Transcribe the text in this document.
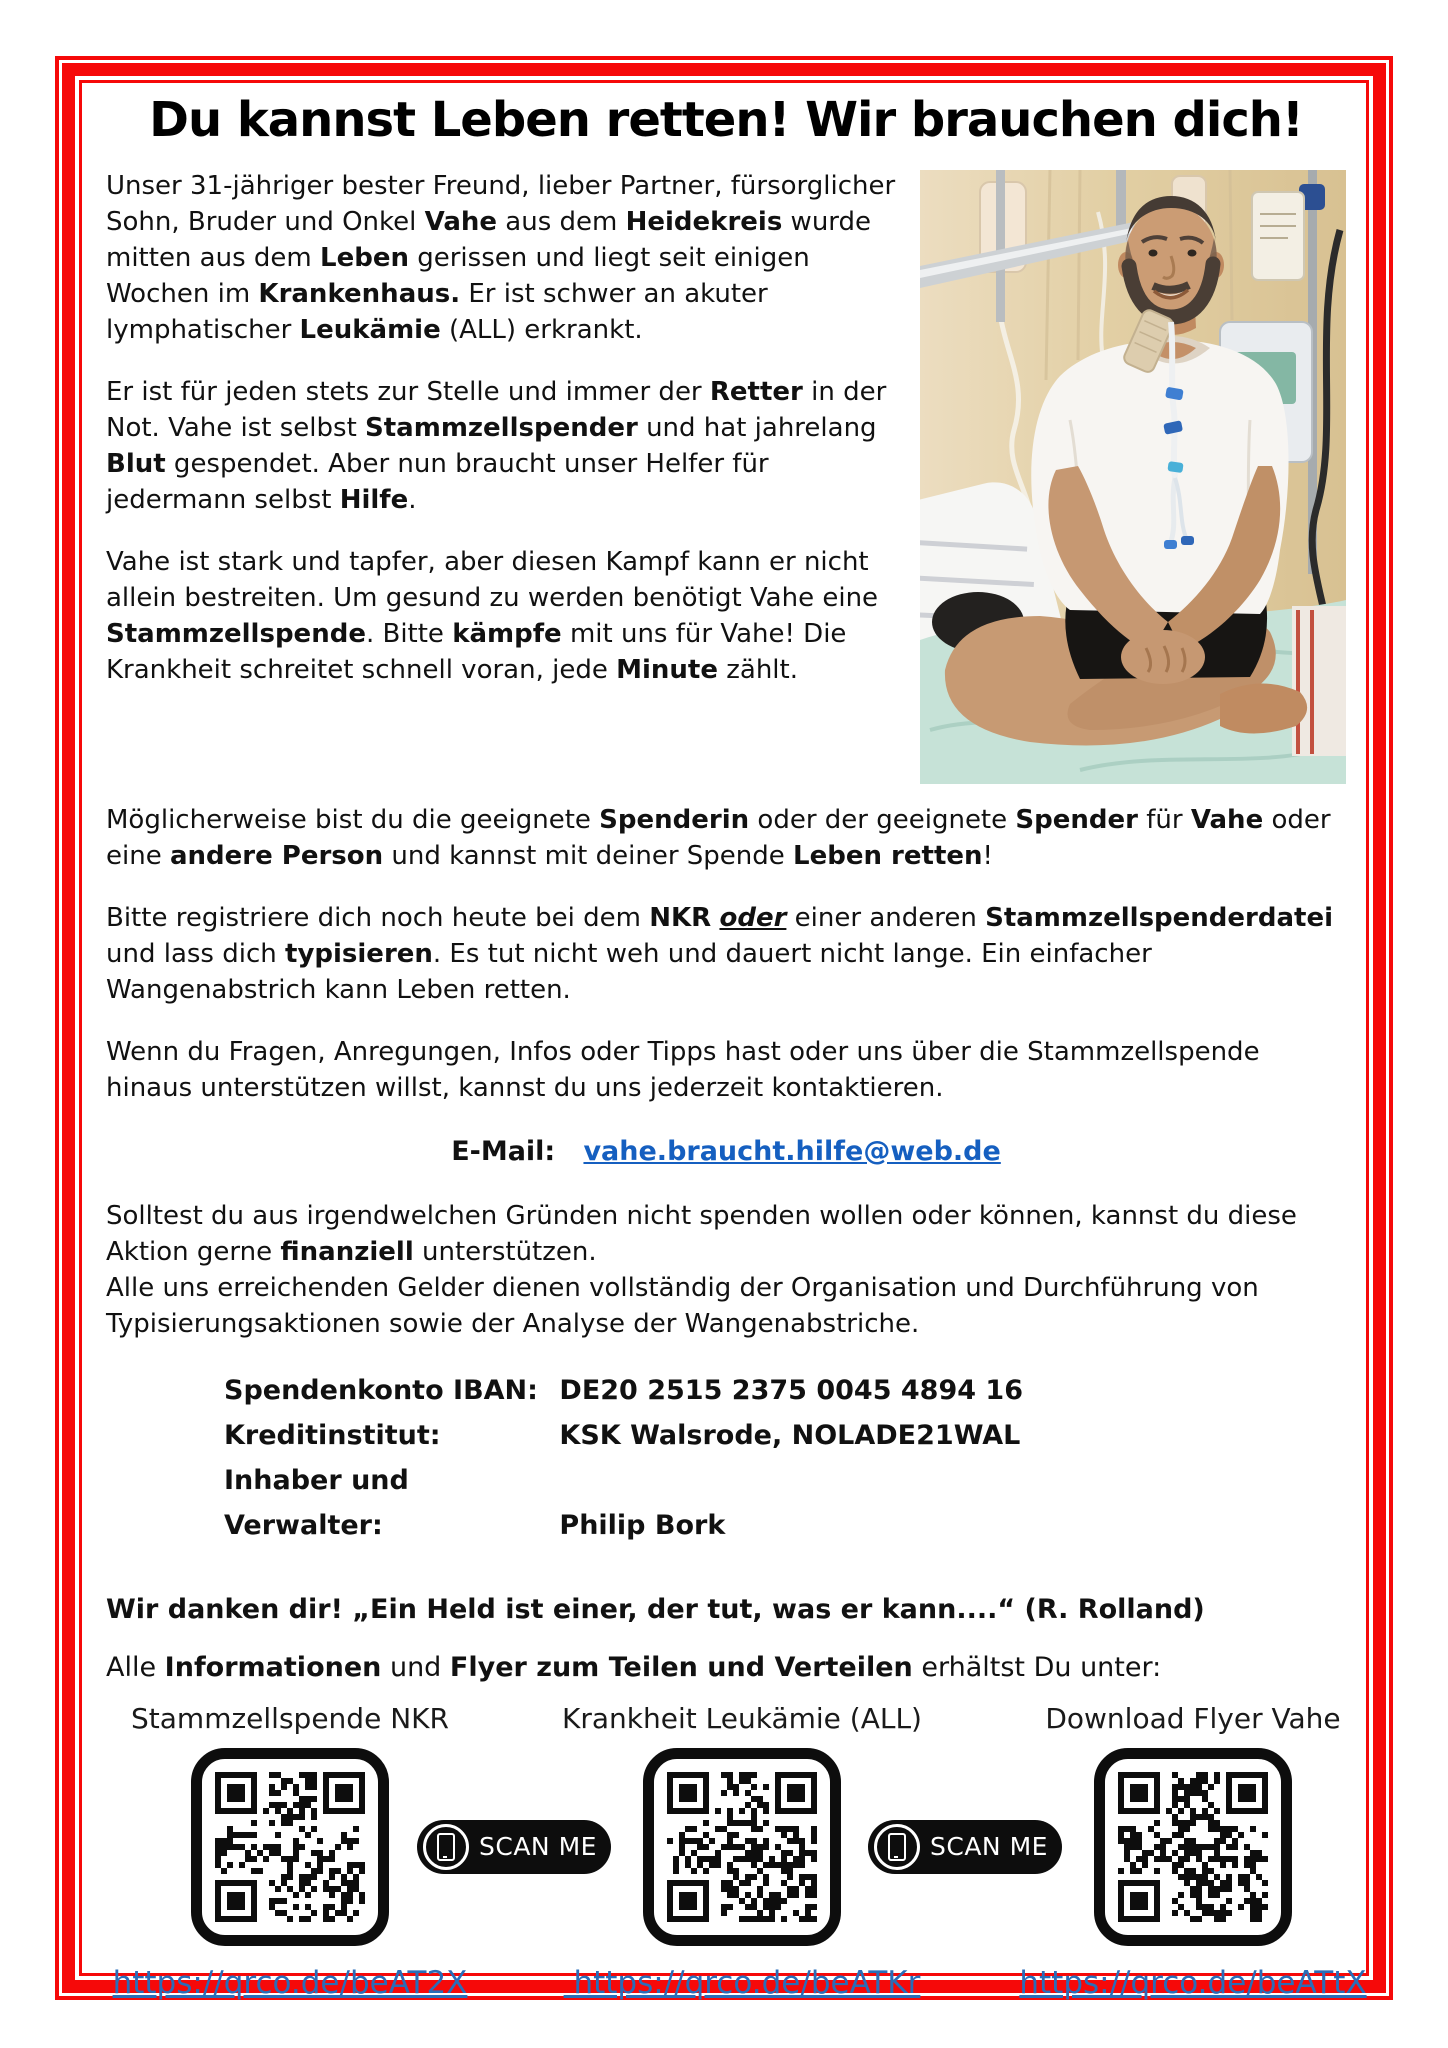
Du kannst Leben retten! Wir brauchen dich!

Unser 31-jähriger bester Freund, lieber Partner, fürsorglicher Sohn, Bruder und Onkel Vahe aus dem Heidekreis wurde mitten aus dem Leben gerissen und liegt seit einigen Wochen im Krankenhaus. Er ist schwer an akuter lymphatischer Leukämie (ALL) erkrankt.

Er ist für jeden stets zur Stelle und immer der Retter in der Not. Vahe ist selbst Stammzellspender und hat jahrelang Blut gespendet. Aber nun braucht unser Helfer für jedermann selbst Hilfe.

Vahe ist stark und tapfer, aber diesen Kampf kann er nicht allein bestreiten. Um gesund zu werden benötigt Vahe eine Stammzellspende. Bitte kämpfe mit uns für Vahe! Die Krankheit schreitet schnell voran, jede Minute zählt.

Möglicherweise bist du die geeignete Spenderin oder der geeignete Spender für Vahe oder eine andere Person und kannst mit deiner Spende Leben retten!

Bitte registriere dich noch heute bei dem NKR oder einer anderen Stammzellspenderdatei und lass dich typisieren. Es tut nicht weh und dauert nicht lange. Ein einfacher Wangenabstrich kann Leben retten.

Wenn du Fragen, Anregungen, Infos oder Tipps hast oder uns über die Stammzellspende hinaus unterstützen willst, kannst du uns jederzeit kontaktieren.

E-Mail: vahe.braucht.hilfe@web.de

Solltest du aus irgendwelchen Gründen nicht spenden wollen oder können, kannst du diese Aktion gerne finanziell unterstützen.
Alle uns erreichenden Gelder dienen vollständig der Organisation und Durchführung von Typisierungsaktionen sowie der Analyse der Wangenabstriche.

Spendenkonto IBAN: DE20 2515 2375 0045 4894 16
Kreditinstitut:	KSK Walsrode, NOLADE21WAL
Inhaber und Verwalter:	Philip Bork
Wir danken dir! „Ein Held ist einer, der tut, was er kann....“ (R. Rolland)
Alle Informationen und Flyer zum Teilen und Verteilen erhältst Du unter:
Stammzellspende NKR
https://qrco.de/beAT2X
SCAN ME
Krankheit Leukämie (ALL)
https://qrco.de/beATKr
SCAN ME
Download Flyer Vahe
https://qrco.de/beATtX
